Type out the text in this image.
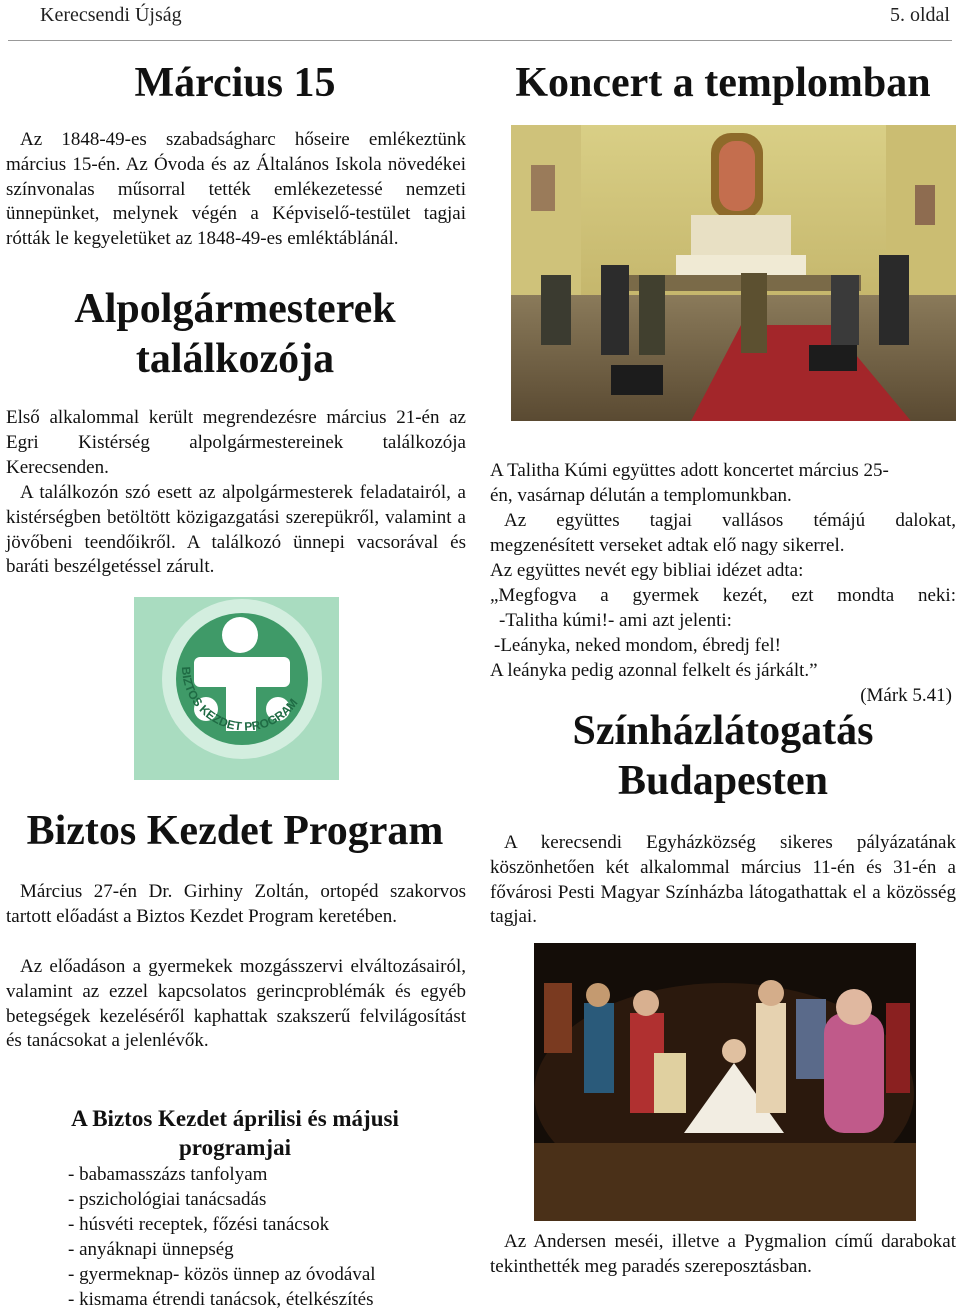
Kerecsendi Újság	5. oldal
Március 15
Az 1848-49-es szabadságharc hőseire emlékeztünk március 15-én. Az Óvoda és az Általános Iskola növedékei színvonalas műsorral tették emlékezetessé nemzeti ünnepünket, melynek végén a Képviselő-testület tagjai rótták le kegyeletüket az 1848-49-es emléktáblánál.
Alpolgármesterek
találkozója
Első alkalommal került megrendezésre március 21-én az Egri Kistérség alpolgármestereinek találkozója Kerecsenden.
A találkozón szó esett az alpolgármesterek feladatairól, a kistérségben betöltött közigazgatási szerepükről, valamint a jövőbeni teendőikről. A találkozó ünnepi vacsorával és baráti beszélgetéssel zárult.
BIZTOS KEZDET PROGRAM
Biztos Kezdet Program
Március 27-én Dr. Girhiny Zoltán, ortopéd szakorvos tartott előadást a Biztos Kezdet Program keretében.
Az előadáson a gyermekek mozgásszervi elváltozásairól, valamint az ezzel kapcsolatos gerincproblémák és egyéb betegségek kezeléséről kaphattak szakszerű felvilágosítást és tanácsokat a jelenlévők.
A Biztos Kezdet áprilisi és májusi
programjai
- babamasszázs tanfolyam
- pszichológiai tanácsadás
- húsvéti receptek, főzési tanácsok
- anyáknapi ünnepség
- gyermeknap- közös ünnep az óvodával
- kismama étrendi tanácsok, ételkészítés
Koncert a templomban
A Talitha Kúmi együttes adott koncertet március 25-
én, vasárnap délután a templomunkban.
Az együttes tagjai vallásos témájú dalokat,
megzenésített verseket adtak elő nagy sikerrel.
Az együttes nevét egy bibliai idézet adta:
„Megfogva a gyermek kezét, ezt mondta neki:
-Talitha kúmi!- ami azt jelenti:
-Leányka, neked mondom, ébredj fel!
A leányka pedig azonnal felkelt és járkált.”
(Márk 5.41)
Színházlátogatás
Budapesten
A kerecsendi Egyházközség sikeres pályázatának köszönhetően két alkalommal március 11-én és 31-én a fővárosi Pesti Magyar Színházba látogathattak el a közösség tagjai.
Az Andersen meséi, illetve a Pygmalion című darabokat tekinthették meg paradés szereposztásban.
